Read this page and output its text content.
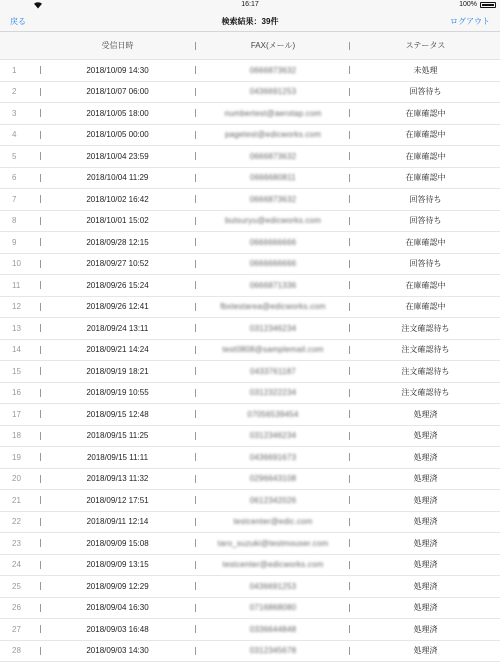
16:17	100%
戻る	検索結果：39件	ログアウト
受信日時	FAX(メール)	ステータス
1	2018/10/09 14:30	0666873632	未処理
2	2018/10/07 06:00	0436691253	回答待ち
3	2018/10/05 18:00	numbertest@aerotap.com	在庫確認中
4	2018/10/05 00:00	pagetest@edicworks.com	在庫確認中
5	2018/10/04 23:59	0666873632	在庫確認中
6	2018/10/04 11:29	0666680811	在庫確認中
7	2018/10/02 16:42	0666873632	回答待ち
8	2018/10/01 15:02	butsuryu@edicworks.com	回答待ち
9	2018/09/28 12:15	0666666666	在庫確認中
10	2018/09/27 10:52	0666666666	回答待ち
11	2018/09/26 15:24	0666871336	在庫確認中
12	2018/09/26 12:41	fbxtestarea@edicworks.com	在庫確認中
13	2018/09/24 13:11	0312346234	注文確認待ち
14	2018/09/21 14:24	test0808@samplemail.com	注文確認待ち
15	2018/09/19 18:21	0433761187	注文確認待ち
16	2018/09/19 10:55	0312322234	注文確認待ち
17	2018/09/15 12:48	07056539454	処理済
18	2018/09/15 11:25	0312346234	処理済
19	2018/09/15 11:11	0436691673	処理済
20	2018/09/13 11:32	0296643108	処理済
21	2018/09/12 17:51	0612342026	処理済
22	2018/09/11 12:14	testcenter@edic.com	処理済
23	2018/09/09 15:08	taro_suzuki@testmouser.com	処理済
24	2018/09/09 13:15	testcenter@edicworks.com	処理済
25	2018/09/09 12:29	0436691253	処理済
26	2018/09/04 16:30	0716868080	処理済
27	2018/09/03 16:48	0336644848	処理済
28	2018/09/03 14:30	0312345678	処理済
